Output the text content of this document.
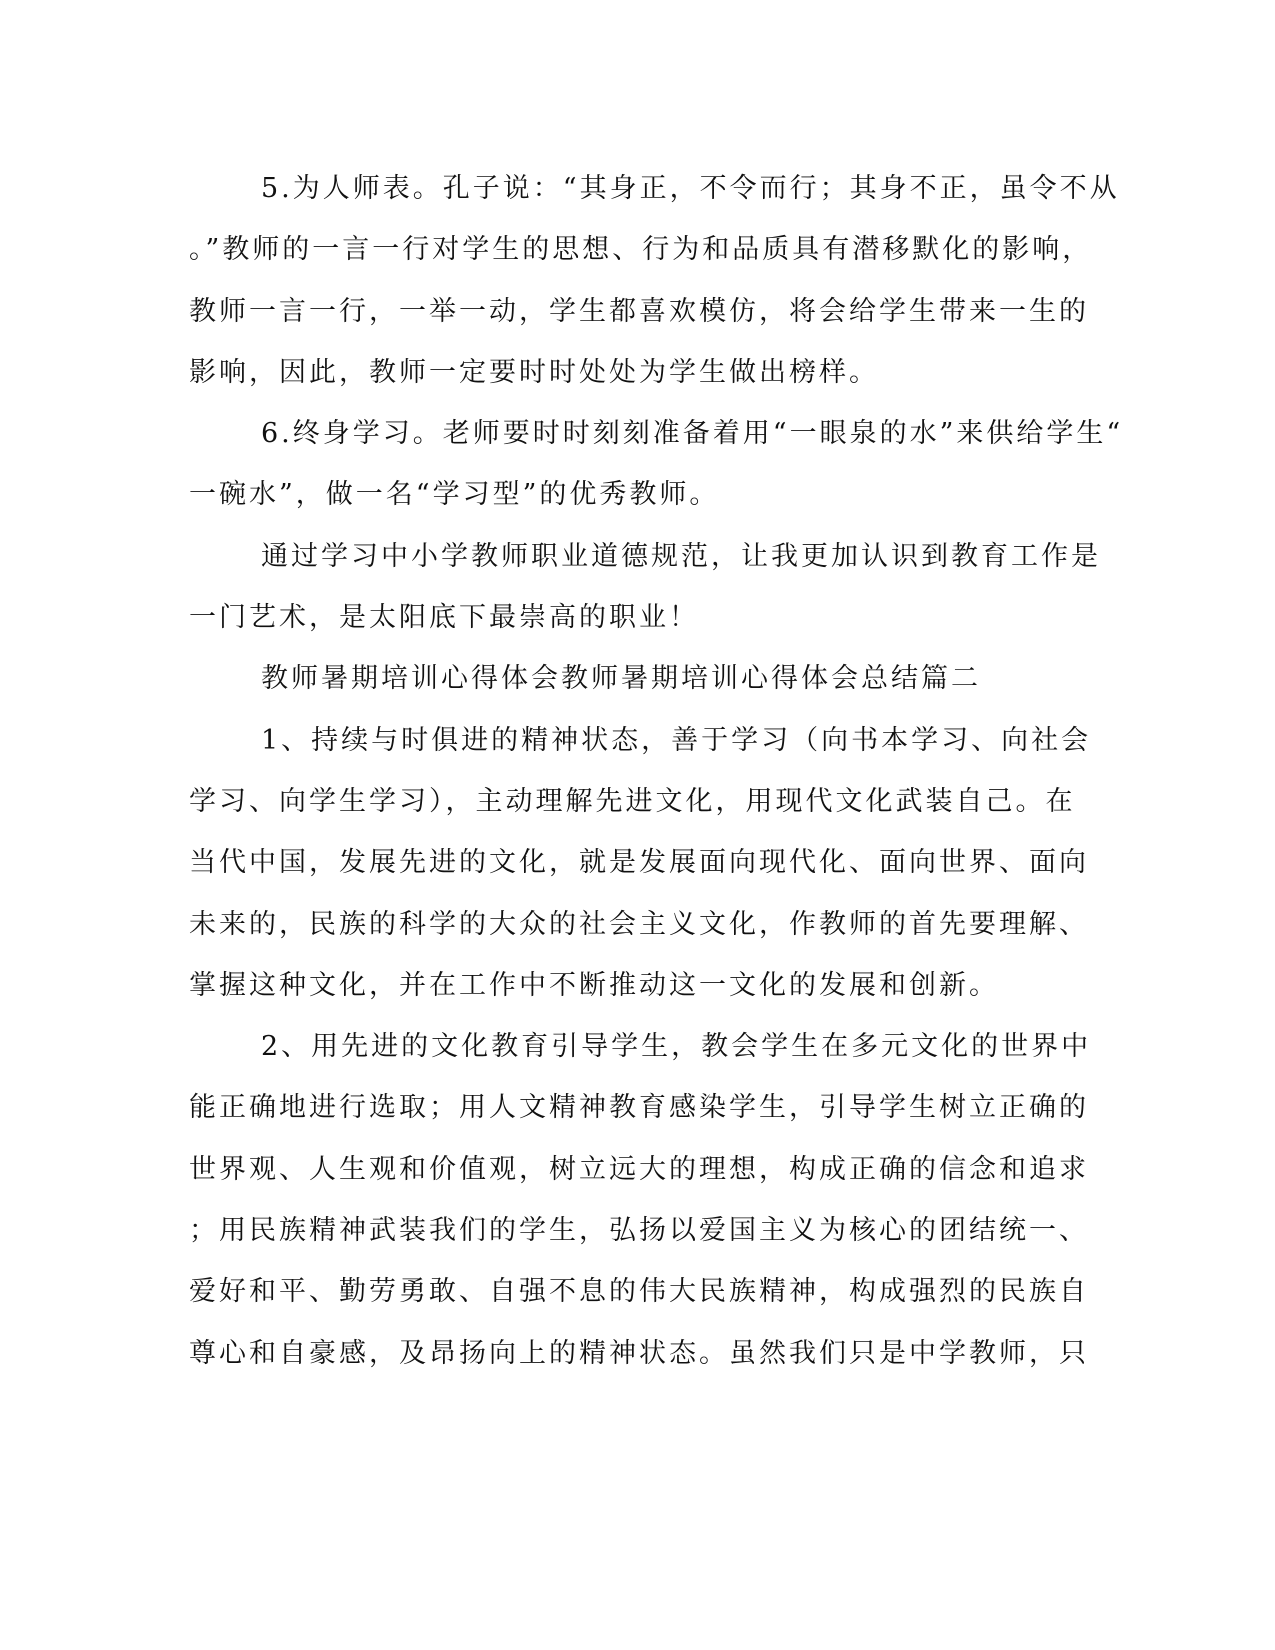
5.为人师表。孔子说：“其身正，不令而行；其身不正，虽令不从
。”教师的一言一行对学生的思想、行为和品质具有潜移默化的影响，
教师一言一行，一举一动，学生都喜欢模仿，将会给学生带来一生的
影响，因此，教师一定要时时处处为学生做出榜样。
6.终身学习。老师要时时刻刻准备着用“一眼泉的水”来供给学生“
一碗水”，做一名“学习型”的优秀教师。
通过学习中小学教师职业道德规范，让我更加认识到教育工作是
一门艺术，是太阳底下最崇高的职业！
教师暑期培训心得体会教师暑期培训心得体会总结篇二
1、持续与时俱进的精神状态，善于学习（向书本学习、向社会
学习、向学生学习），主动理解先进文化，用现代文化武装自己。在
当代中国，发展先进的文化，就是发展面向现代化、面向世界、面向
未来的，民族的科学的大众的社会主义文化，作教师的首先要理解、
掌握这种文化，并在工作中不断推动这一文化的发展和创新。
2、用先进的文化教育引导学生，教会学生在多元文化的世界中
能正确地进行选取；用人文精神教育感染学生，引导学生树立正确的
世界观、人生观和价值观，树立远大的理想，构成正确的信念和追求
；用民族精神武装我们的学生，弘扬以爱国主义为核心的团结统一、
爱好和平、勤劳勇敢、自强不息的伟大民族精神，构成强烈的民族自
尊心和自豪感，及昂扬向上的精神状态。虽然我们只是中学教师，只
